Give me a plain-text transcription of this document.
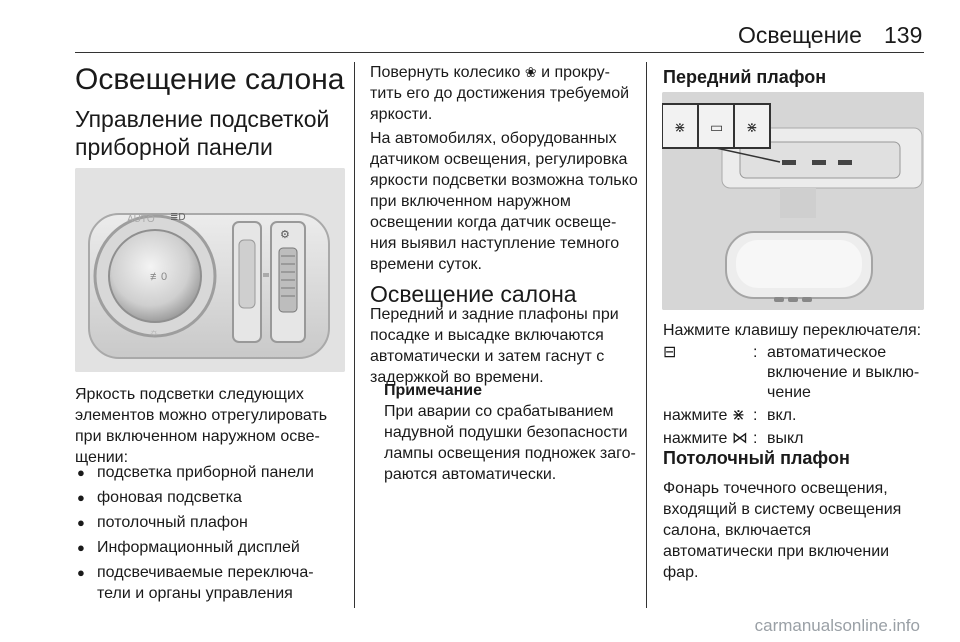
Освещение 139
Освещение салона
Управление подсветкой приборной панели
≢0
AUTO ≣D
☼
⚙
Яркость подсветки следующих элементов можно отрегулировать при включенном наружном осве-щении:
● подсветка приборной панели
● фоновая подсветка
● потолочный плафон
● Информационный дисплей
● подсвечиваемые переключа-тели и органы управления
Повернуть колесико ❀ и прокру-тить его до достижения требуемой яркости.
На автомобилях, оборудованных датчиком освещения, регулировка яркости подсветки возможна только при включенном наружном освещении когда датчик освеще-ния выявил наступление темного времени суток.
Освещение салона
Передний и задние плафоны при посадке и высадке включаются автоматически и затем гаснут с задержкой во времени.
Примечание
При аварии со срабатыванием надувной подушки безопасности лампы освещения подножек заго-раются автоматически.
Передний плафон
⋇ ▭ ⋇
Нажмите клавишу переключателя:
⊟	: автоматическое включение и выклю-чение
нажмите ⋇ : вкл.
нажмите ⋈ : выкл
Потолочный плафон
Фонарь точечного освещения, входящий в систему освещения салона, включается автоматически при включении фар.
carmanualsonline.info
